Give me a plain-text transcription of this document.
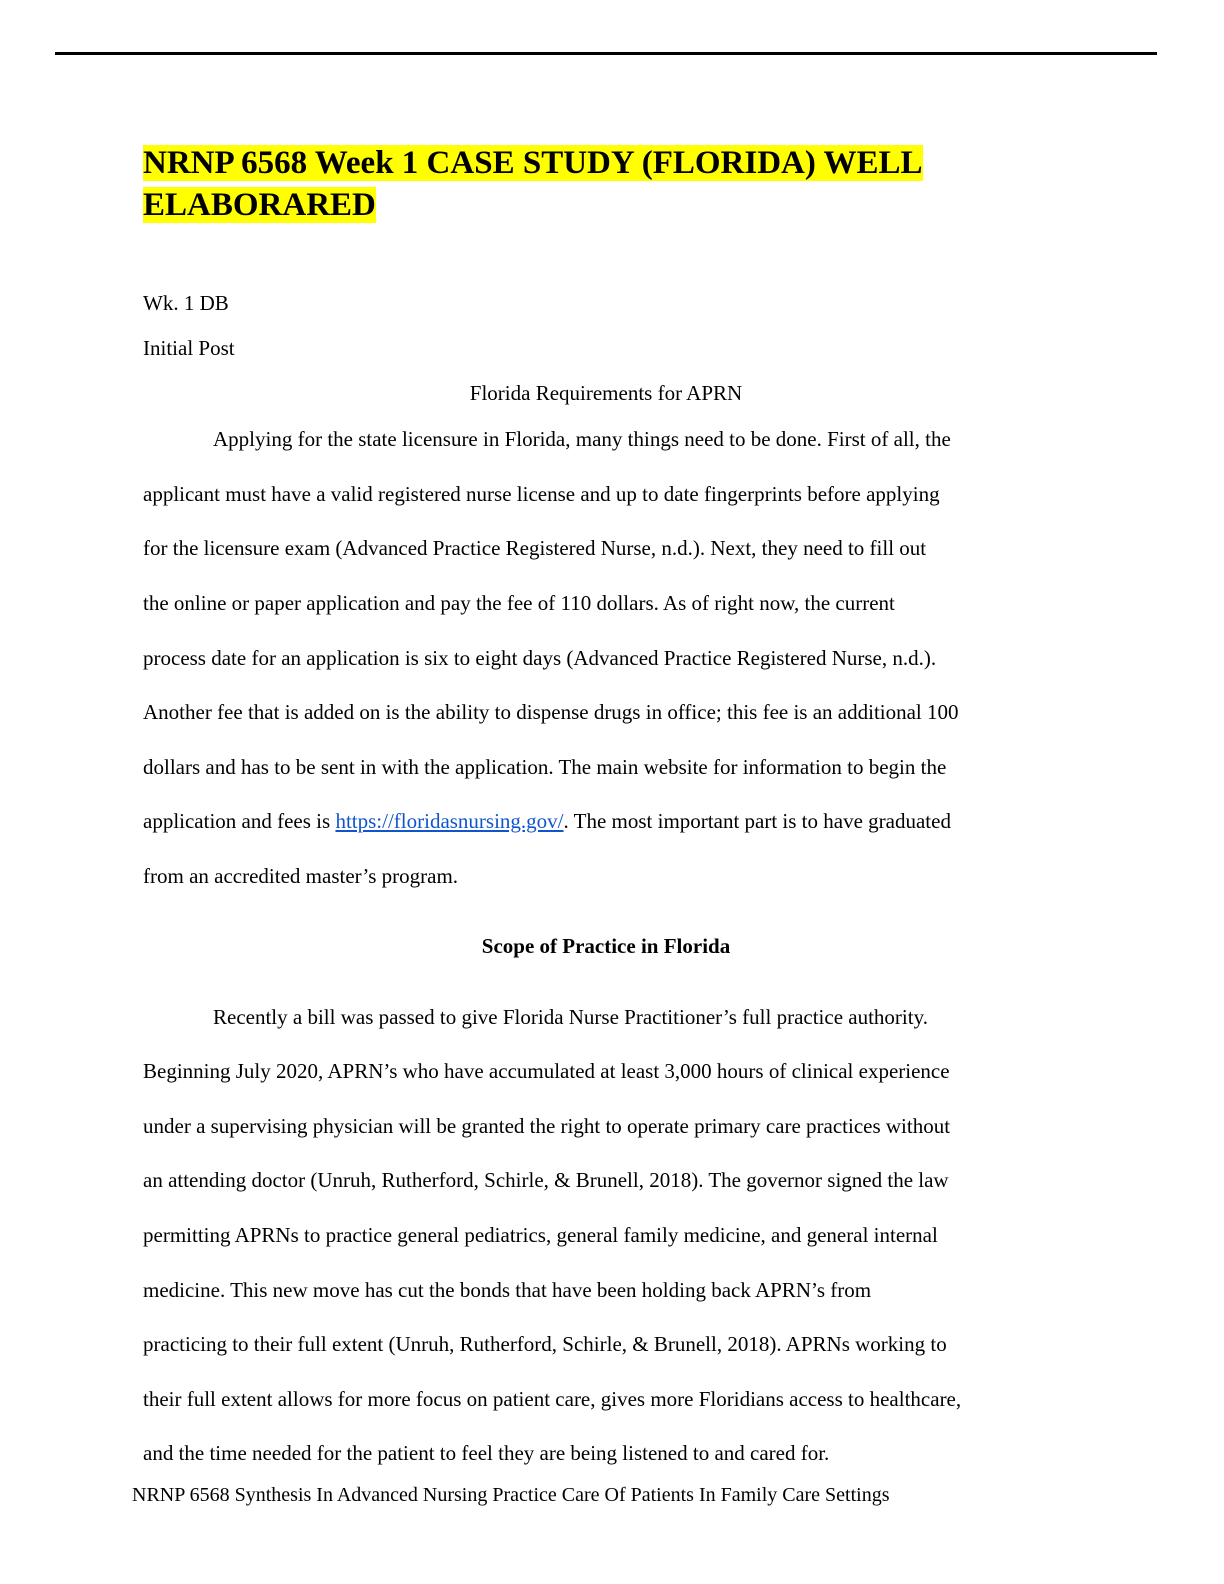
NRNP 6568 Week 1 CASE STUDY (FLORIDA) WELL ELABORARED

Wk. 1 DB

Initial Post

Florida Requirements for APRN

Applying for the state licensure in Florida, many things need to be done. First of all, the

applicant must have a valid registered nurse license and up to date fingerprints before applying

for the licensure exam (Advanced Practice Registered Nurse, n.d.). Next, they need to fill out

the online or paper application and pay the fee of 110 dollars. As of right now, the current

process date for an application is six to eight days (Advanced Practice Registered Nurse, n.d.).

Another fee that is added on is the ability to dispense drugs in office; this fee is an additional 100

dollars and has to be sent in with the application. The main website for information to begin the

application and fees is https://floridasnursing.gov/. The most important part is to have graduated

from an accredited master’s program.

Scope of Practice in Florida

Recently a bill was passed to give Florida Nurse Practitioner’s full practice authority.

Beginning July 2020, APRN’s who have accumulated at least 3,000 hours of clinical experience

under a supervising physician will be granted the right to operate primary care practices without

an attending doctor (Unruh, Rutherford, Schirle, & Brunell, 2018). The governor signed the law

permitting APRNs to practice general pediatrics, general family medicine, and general internal

medicine. This new move has cut the bonds that have been holding back APRN’s from

practicing to their full extent (Unruh, Rutherford, Schirle, & Brunell, 2018). APRNs working to

their full extent allows for more focus on patient care, gives more Floridians access to healthcare,

and the time needed for the patient to feel they are being listened to and cared for.

NRNP 6568 Synthesis In Advanced Nursing Practice Care Of Patients In Family Care Settings
